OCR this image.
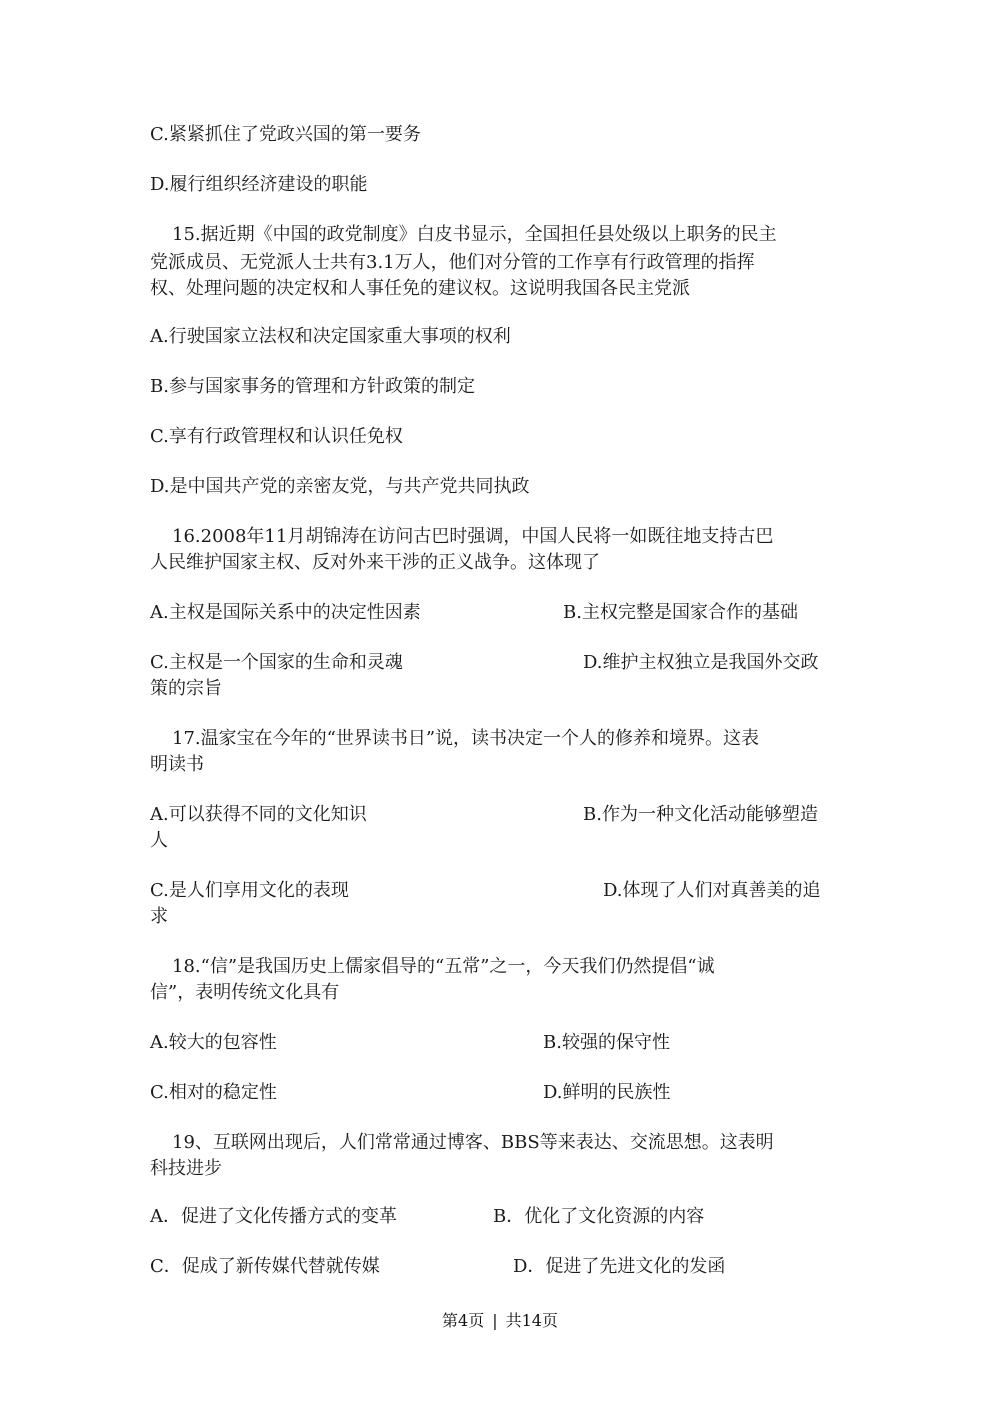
C.紧紧抓住了党政兴国的第一要务
D.履行组织经济建设的职能
15.据近期《中国的政党制度》白皮书显示，全国担任县处级以上职务的民主
党派成员、无党派人士共有3.1万人，他们对分管的工作享有行政管理的指挥
权、处理问题的决定权和人事任免的建议权。这说明我国各民主党派
A.行驶国家立法权和决定国家重大事项的权利
B.参与国家事务的管理和方针政策的制定
C.享有行政管理权和认识任免权
D.是中国共产党的亲密友党，与共产党共同执政
16.2008年11月胡锦涛在访问古巴时强调，中国人民将一如既往地支持古巴
人民维护国家主权、反对外来干涉的正义战争。这体现了
A.主权是国际关系中的决定性因素	B.主权完整是国家合作的基础
C.主权是一个国家的生命和灵魂	D.维护主权独立是我国外交政
策的宗旨
17.温家宝在今年的“世界读书日”说，读书决定一个人的修养和境界。这表
明读书
A.可以获得不同的文化知识	B.作为一种文化活动能够塑造
人
C.是人们享用文化的表现	D.体现了人们对真善美的追
求
18.“信”是我国历史上儒家倡导的“五常”之一，今天我们仍然提倡“诚
信”，表明传统文化具有
A.较大的包容性	B.较强的保守性
C.相对的稳定性	D.鲜明的民族性
19、互联网出现后，人们常常通过博客、BBS等来表达、交流思想。这表明
科技进步
A．促进了文化传播方式的变革	B．优化了文化资源的内容
C．促成了新传媒代替就传媒	D．促进了先进文化的发函
第4页 | 共14页
